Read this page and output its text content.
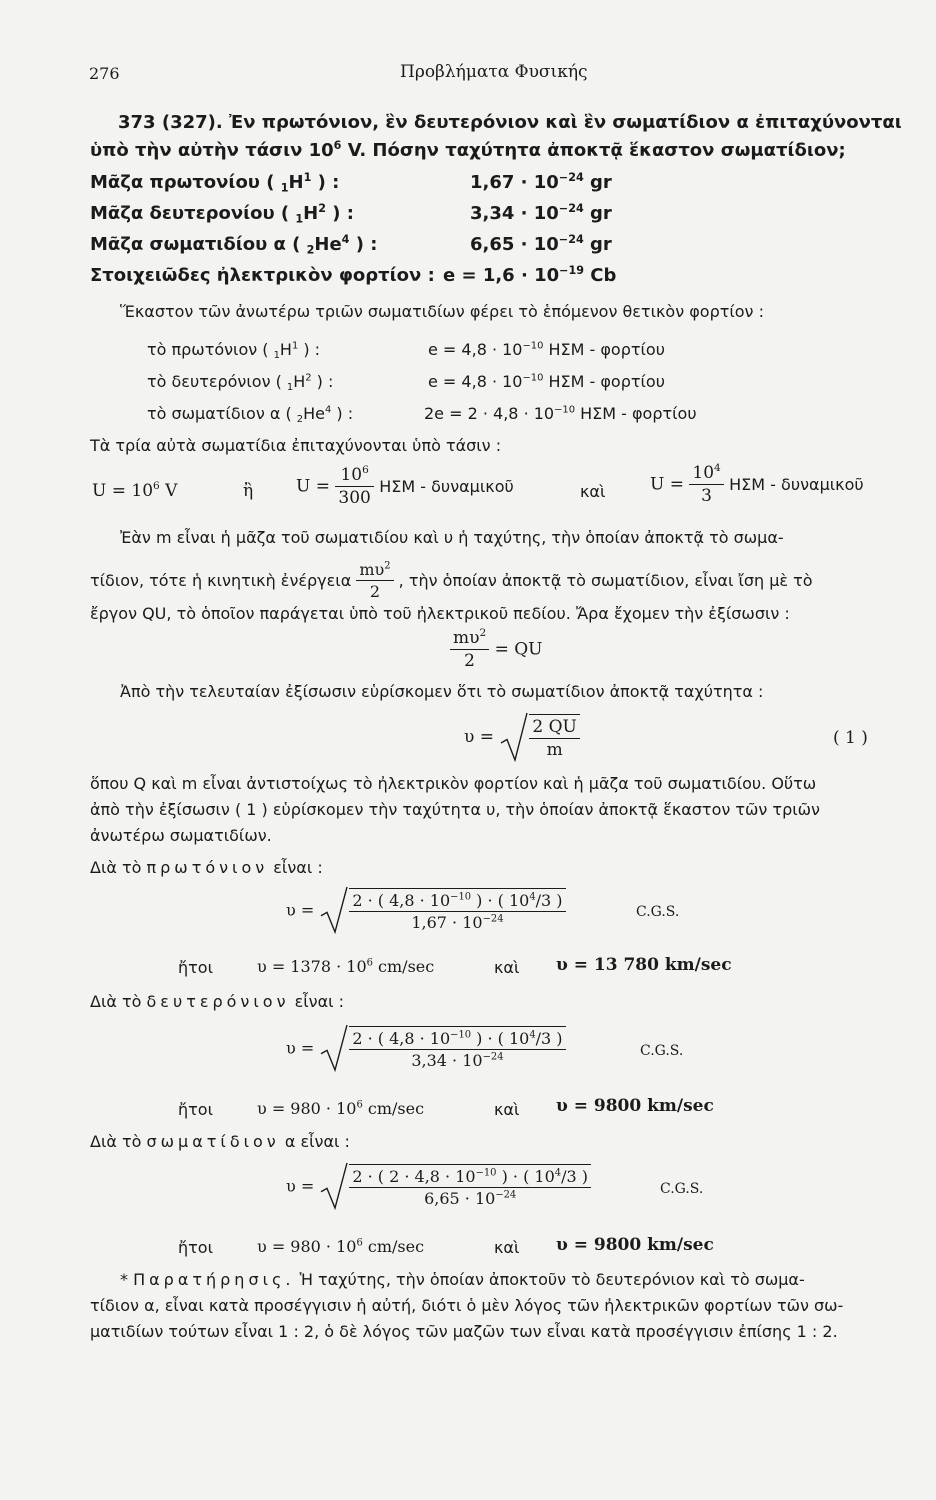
276	Προβλήματα Φυσικής
373 (327). Ἐν πρωτόνιον, ἓν δευτερόνιον καὶ ἓν σωματίδιον α ἐπιταχύνονται
ὑπὸ τὴν αὐτὴν τάσιν $10^6$ V. Πόσην ταχύτητα ἀποκτᾷ ἕκαστον σωματίδιον;
Μᾶζα πρωτονίου ( $_1H^1$ ) :	$1,67 \cdot 10^{-24}$ gr
Μᾶζα δευτερονίου ( $_1H^2$ ) :	$3,34 \cdot 10^{-24}$ gr
Μᾶζα σωματιδίου α ( $_2He^4$ ) :	$6,65 \cdot 10^{-24}$ gr
Στοιχειῶδες ἠλεκτρικὸν φορτίον : $e = 1,6 \cdot 10^{-19}$ Cb
Ἕκαστον τῶν ἀνωτέρω τριῶν σωματιδίων φέρει τὸ ἑπόμενον θετικὸν φορτίον :
τὸ πρωτόνιον ( $_1H^1$ ) :	$e = 4,8 \cdot 10^{-10}$ ΗΣΜ - φορτίου
τὸ δευτερόνιον ( $_1H^2$ ) :	$e = 4,8 \cdot 10^{-10}$ ΗΣΜ - φορτίου
τὸ σωματίδιον α ( $_2He^4$ ) :	$2e = 2 \cdot 4,8 \cdot 10^{-10}$ ΗΣΜ - φορτίου
Τὰ τρία αὐτὰ σωματίδια ἐπιταχύνονται ὑπὸ τάσιν :
$U = 10^6$ V	ἢ	$U = \frac{10^6}{300}$ ΗΣΜ - δυναμικοῦ	καὶ	$U = \frac{10^4}{3}$ ΗΣΜ - δυναμικοῦ
Ἐὰν m εἶναι ἡ μᾶζα τοῦ σωματιδίου καὶ υ ἡ ταχύτης, τὴν ὁποίαν ἀποκτᾷ τὸ σωμα-
τίδιον, τότε ἡ κινητικὴ ἐνέργεια $\frac{m\upsilon^2}{2}$ , τὴν ὁποίαν ἀποκτᾷ τὸ σωματίδιον, εἶναι ἴση μὲ τὸ
ἔργον QU, τὸ ὁποῖον παράγεται ὑπὸ τοῦ ἠλεκτρικοῦ πεδίου. Ἄρα ἔχομεν τὴν ἐξίσωσιν :
$\frac{m\upsilon^2}{2}$ = QU
Ἀπὸ τὴν τελευταίαν ἐξίσωσιν εὑρίσκομεν ὅτι τὸ σωματίδιον ἀποκτᾷ ταχύτητα :
$\upsilon = \frac{2 QU}{m}$	( 1 )
ὅπου Q καὶ m εἶναι ἀντιστοίχως τὸ ἠλεκτρικὸν φορτίον καὶ ἡ μᾶζα τοῦ σωματιδίου. Οὕτω
ἀπὸ τὴν ἐξίσωσιν ( 1 ) εὑρίσκομεν τὴν ταχύτητα υ, τὴν ὁποίαν ἀποκτᾷ ἕκαστον τῶν τριῶν
ἀνωτέρω σωματιδίων.
Διὰ τὸ πρωτόνιον εἶναι :
$\upsilon = \frac{2 \cdot ( 4,8 \cdot 10^{-10} ) \cdot ( 10^4/3 )}{1,67 \cdot 10^{-24}}$	C.G.S.
ἤτοι	$\upsilon = 1378 \cdot 10^6$ cm/sec	καὶ υ = 13 780 km/sec
Διὰ τὸ δευτερόνιον εἶναι :
$\upsilon = \frac{2 \cdot ( 4,8 \cdot 10^{-10} ) \cdot ( 10^4/3 )}{3,34 \cdot 10^{-24}}$	C.G.S.
ἤτοι	$\upsilon = 980 \cdot 10^6$ cm/sec	καὶ υ = 9800 km/sec
Διὰ τὸ σωματίδιον α εἶναι :
$\upsilon = \frac{2 \cdot ( 2 \cdot 4,8 \cdot 10^{-10} ) \cdot ( 10^4/3 )}{6,65 \cdot 10^{-24}}$	C.G.S.
ἤτοι	$\upsilon = 980 \cdot 10^6$ cm/sec	καὶ υ = 9800 km/sec
* Παρατήρησις. Ἡ ταχύτης, τὴν ὁποίαν ἀποκτοῦν τὸ δευτερόνιον καὶ τὸ σωμα-
τίδιον α, εἶναι κατὰ προσέγγισιν ἡ αὐτή, διότι ὁ μὲν λόγος τῶν ἠλεκτρικῶν φορτίων τῶν σω-
ματιδίων τούτων εἶναι 1 : 2, ὁ δὲ λόγος τῶν μαζῶν των εἶναι κατὰ προσέγγισιν ἐπίσης 1 : 2.
